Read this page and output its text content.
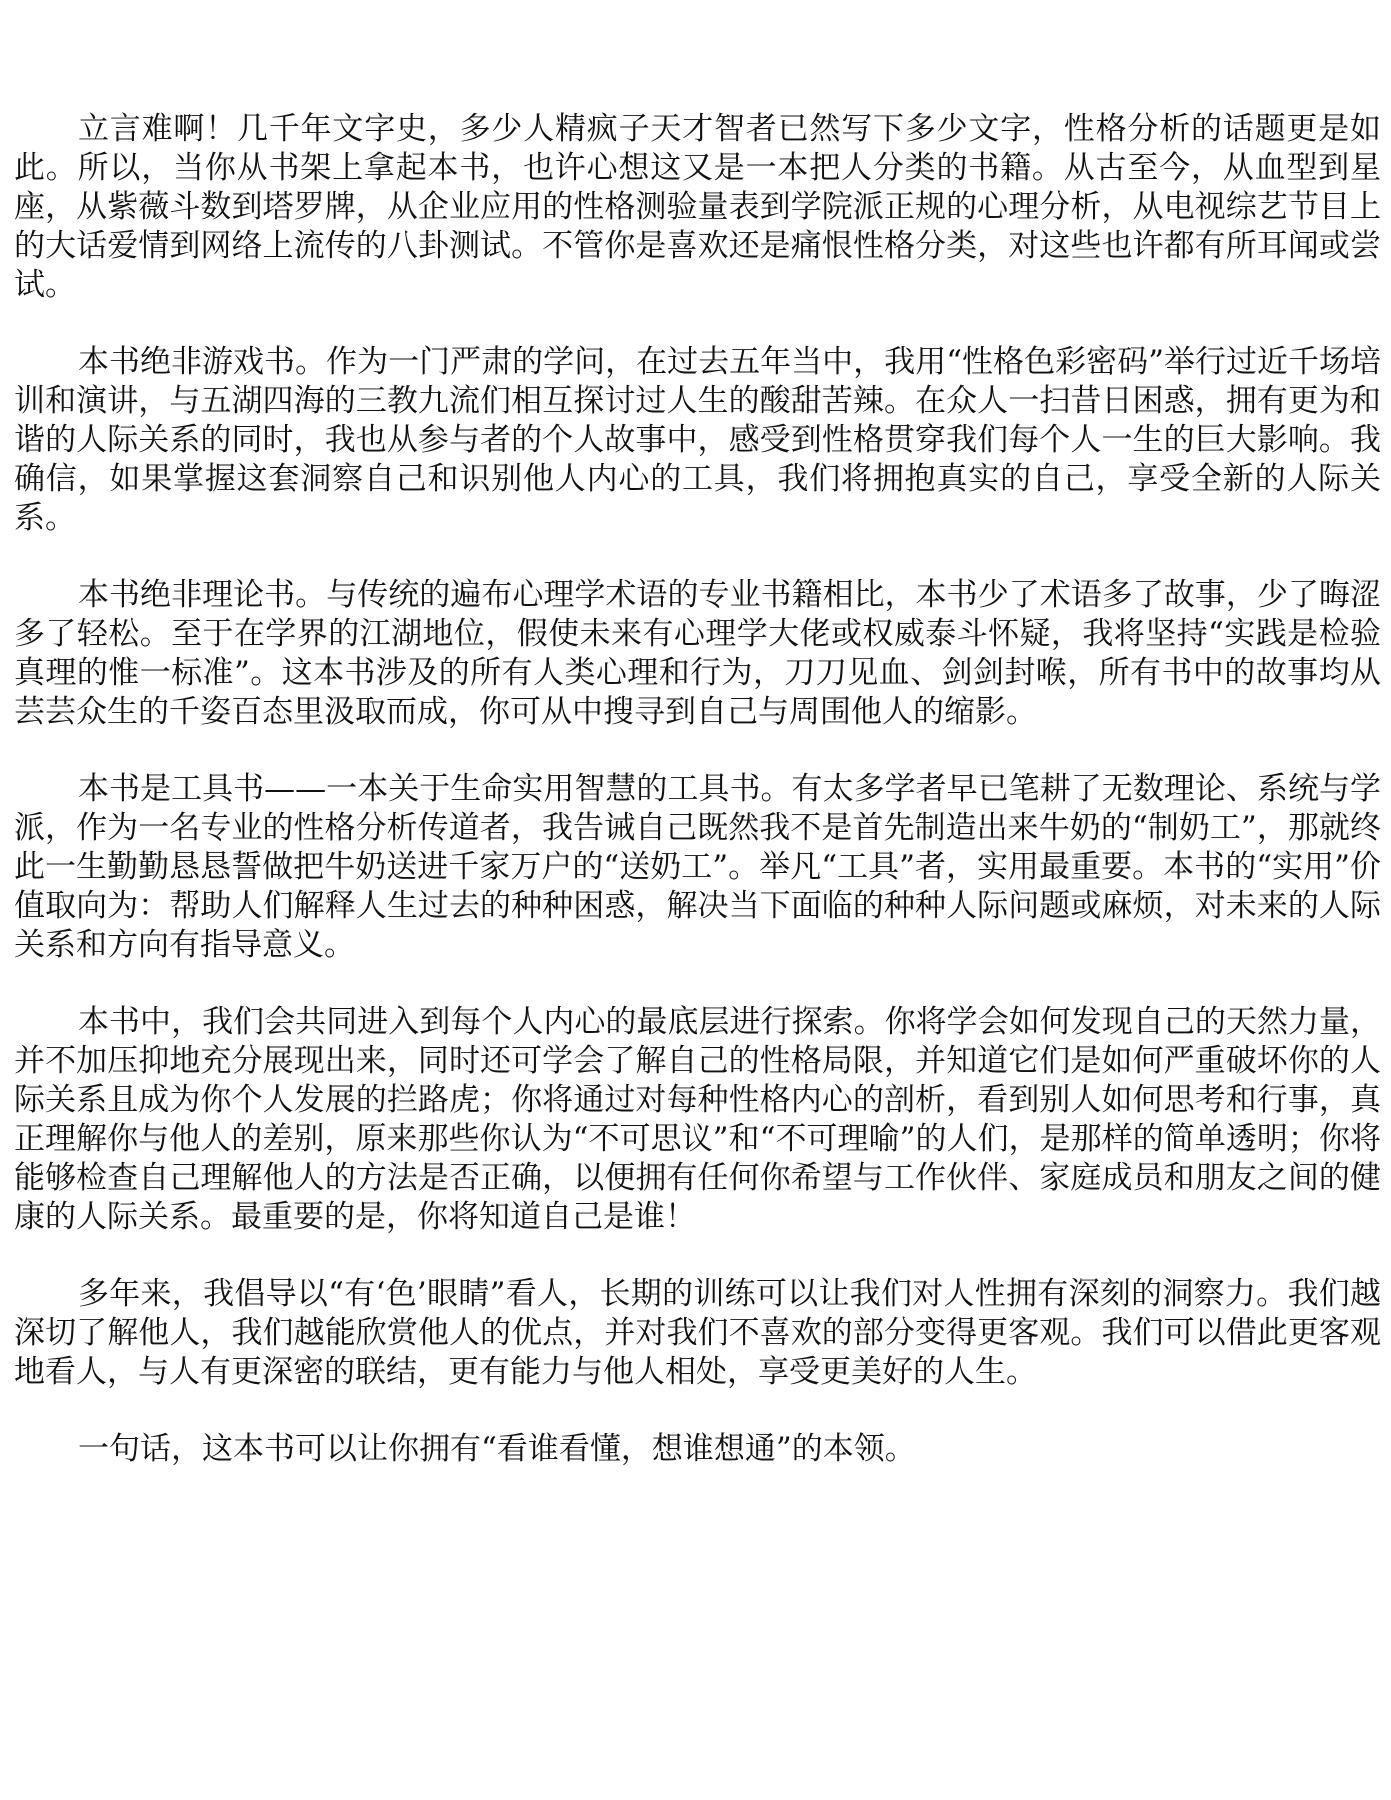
立言难啊！几千年文字史，多少人精疯子天才智者已然写下多少文字，性格分析的话题更是如此。所以，当你从书架上拿起本书，也许心想这又是一本把人分类的书籍。从古至今，从血型到星座，从紫薇斗数到塔罗牌，从企业应用的性格测验量表到学院派正规的心理分析，从电视综艺节目上的大话爱情到网络上流传的八卦测试。不管你是喜欢还是痛恨性格分类，对这些也许都有所耳闻或尝试。

本书绝非游戏书。作为一门严肃的学问，在过去五年当中，我用“性格色彩密码”举行过近千场培训和演讲，与五湖四海的三教九流们相互探讨过人生的酸甜苦辣。在众人一扫昔日困惑，拥有更为和谐的人际关系的同时，我也从参与者的个人故事中，感受到性格贯穿我们每个人一生的巨大影响。我确信，如果掌握这套洞察自己和识别他人内心的工具，我们将拥抱真实的自己，享受全新的人际关系。

本书绝非理论书。与传统的遍布心理学术语的专业书籍相比，本书少了术语多了故事，少了晦涩多了轻松。至于在学界的江湖地位，假使未来有心理学大佬或权威泰斗怀疑，我将坚持“实践是检验真理的惟一标准”。这本书涉及的所有人类心理和行为，刀刀见血、剑剑封喉，所有书中的故事均从芸芸众生的千姿百态里汲取而成，你可从中搜寻到自己与周围他人的缩影。

本书是工具书——一本关于生命实用智慧的工具书。有太多学者早已笔耕了无数理论、系统与学派，作为一名专业的性格分析传道者，我告诫自己既然我不是首先制造出来牛奶的“制奶工”，那就终此一生勤勤恳恳誓做把牛奶送进千家万户的“送奶工”。举凡“工具”者，实用最重要。本书的“实用”价值取向为：帮助人们解释人生过去的种种困惑，解决当下面临的种种人际问题或麻烦，对未来的人际关系和方向有指导意义。

本书中，我们会共同进入到每个人内心的最底层进行探索。你将学会如何发现自己的天然力量，并不加压抑地充分展现出来，同时还可学会了解自己的性格局限，并知道它们是如何严重破坏你的人际关系且成为你个人发展的拦路虎；你将通过对每种性格内心的剖析，看到别人如何思考和行事，真正理解你与他人的差别，原来那些你认为“不可思议”和“不可理喻”的人们，是那样的简单透明；你将能够检查自己理解他人的方法是否正确，以便拥有任何你希望与工作伙伴、家庭成员和朋友之间的健康的人际关系。最重要的是，你将知道自己是谁！

多年来，我倡导以“有‘色’眼睛”看人，长期的训练可以让我们对人性拥有深刻的洞察力。我们越深切了解他人，我们越能欣赏他人的优点，并对我们不喜欢的部分变得更客观。我们可以借此更客观地看人，与人有更深密的联结，更有能力与他人相处，享受更美好的人生。

一句话，这本书可以让你拥有“看谁看懂，想谁想通”的本领。
